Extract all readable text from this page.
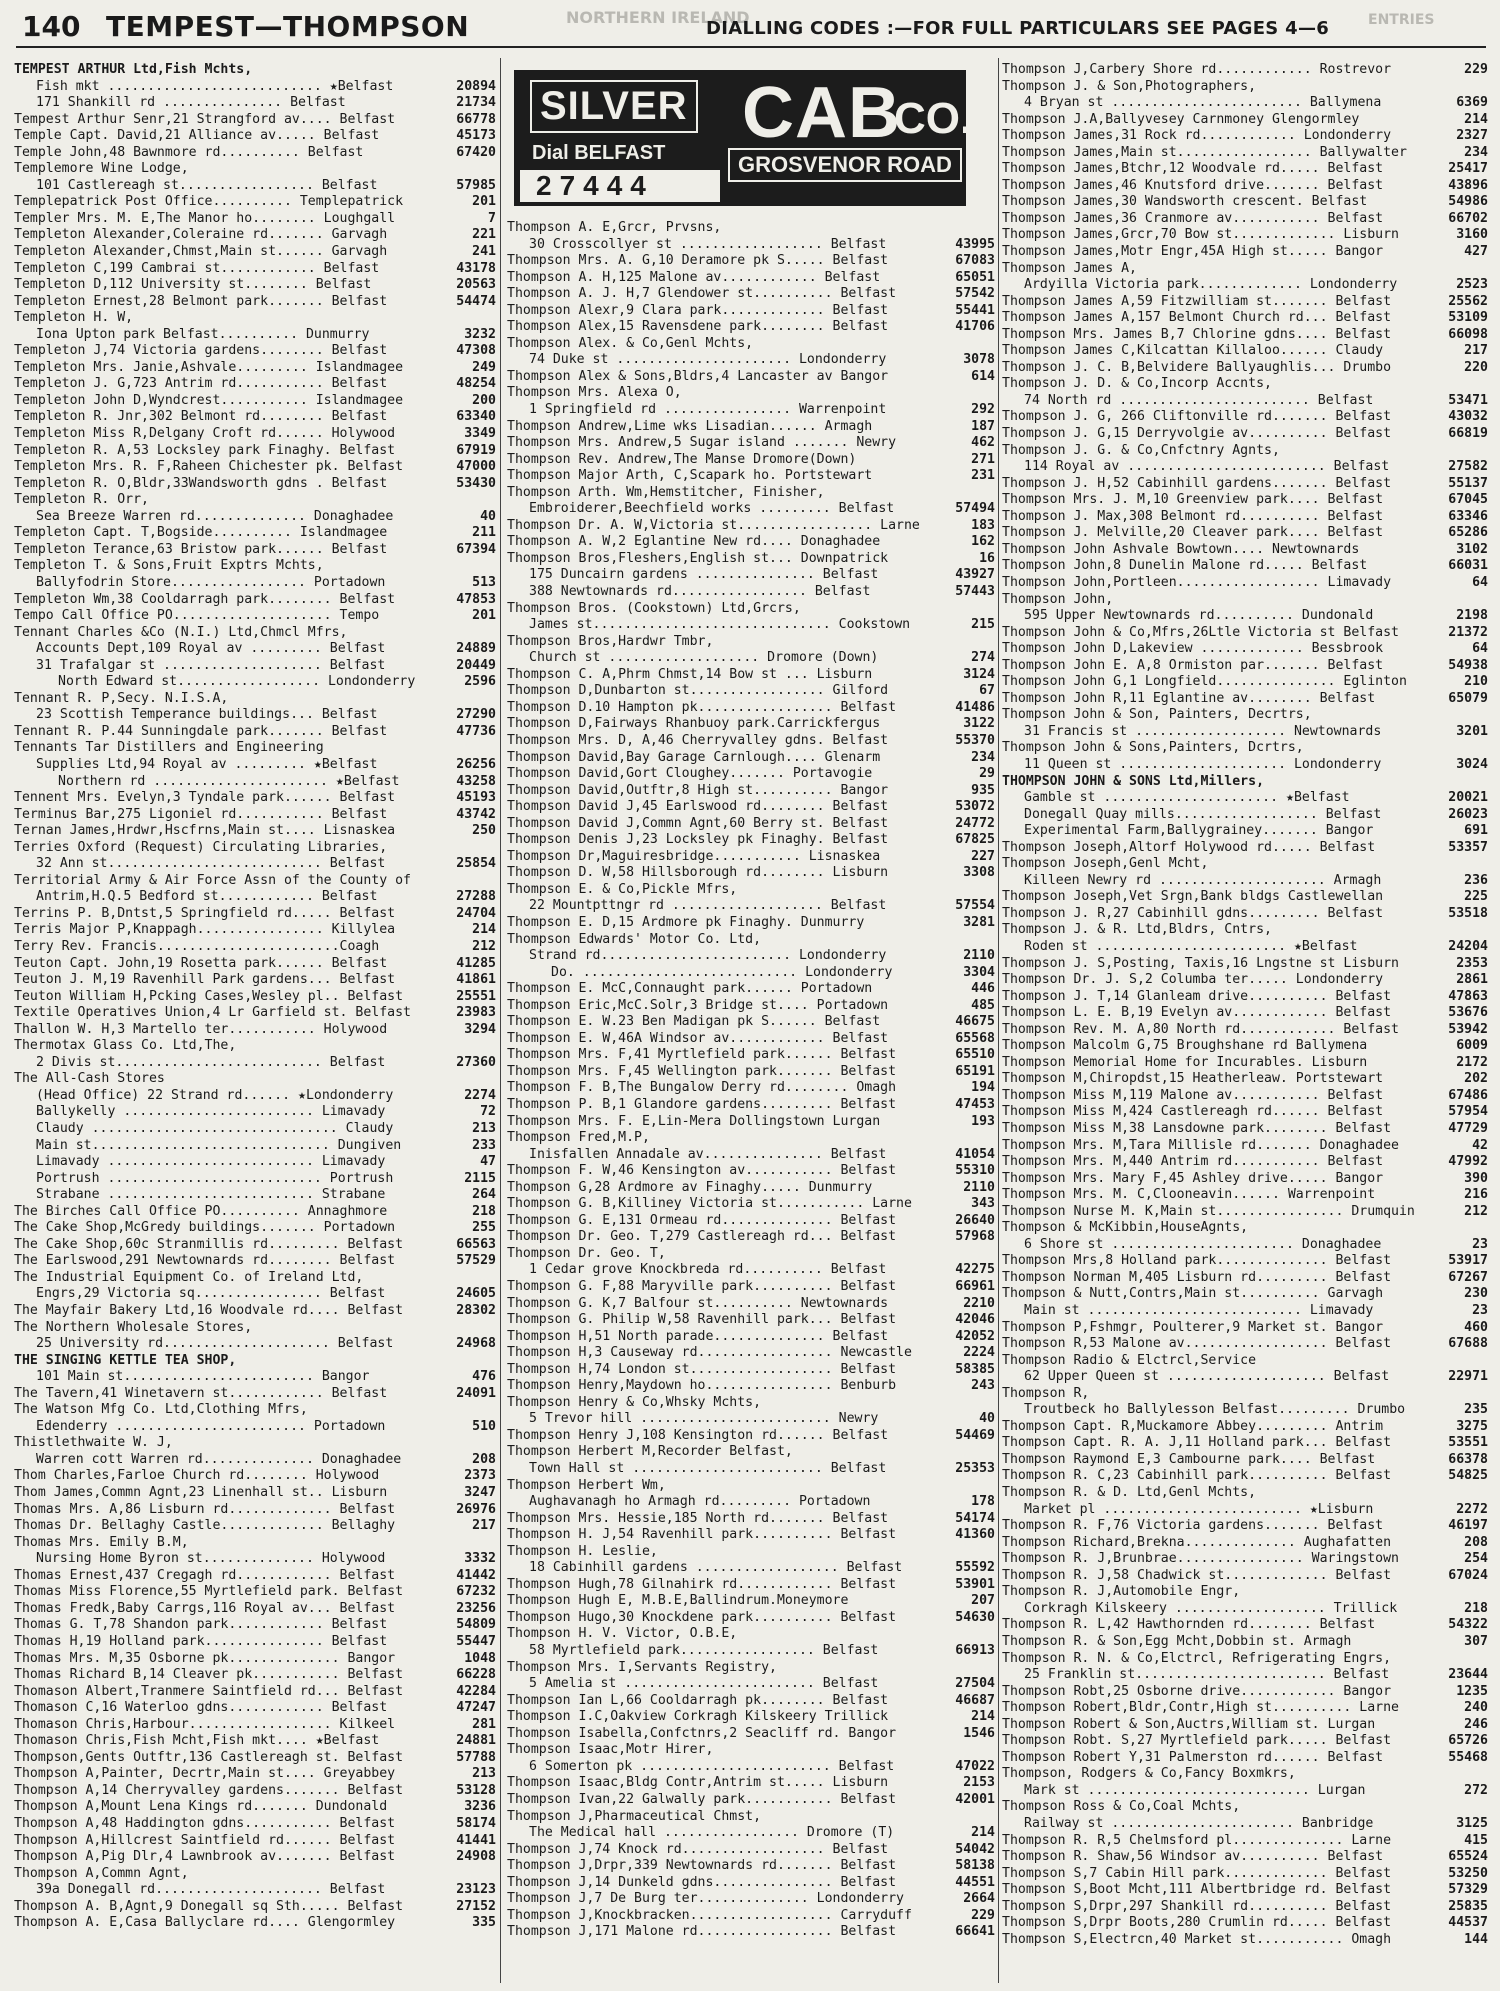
140 TEMPEST—THOMPSON	NORTHERN IRELAND
DIALLING CODES :—FOR FULL PARTICULARS SEE PAGES 4—6	ENTRIES
SILVER CAB
CO.
Dial BELFAST	GROSVENOR ROAD
27444
TEMPEST ARTHUR Ltd,Fish Mchts,
Fish mkt ........................... ★Belfast	20894
171 Shankill rd ............... Belfast	21734
Tempest Arthur Senr,21 Strangford av.... Belfast	66778
Temple Capt. David,21 Alliance av..... Belfast	45173
Temple John,48 Bawnmore rd.......... Belfast	67420
Templemore Wine Lodge,
101 Castlereagh st................. Belfast	57985
Templepatrick Post Office.......... Templepatrick	201
Templer Mrs. M. E,The Manor ho........ Loughgall	7
Templeton Alexander,Coleraine rd....... Garvagh	221
Templeton Alexander,Chmst,Main st...... Garvagh	241
Templeton C,199 Cambrai st............ Belfast	43178
Templeton D,112 University st........ Belfast	20563
Templeton Ernest,28 Belmont park....... Belfast	54474
Templeton H. W,
Iona Upton park Belfast.......... Dunmurry	3232
Templeton J,74 Victoria gardens........ Belfast	47308
Templeton Mrs. Janie,Ashvale......... Islandmagee	249
Templeton J. G,723 Antrim rd........... Belfast	48254
Templeton John D,Wyndcrest........... Islandmagee	200
Templeton R. Jnr,302 Belmont rd........ Belfast	63340
Templeton Miss R,Delgany Croft rd...... Holywood	3349
Templeton R. A,53 Locksley park Finaghy. Belfast	67919
Templeton Mrs. R. F,Raheen Chichester pk. Belfast	47000
Templeton R. O,Bldr,33Wandsworth gdns . Belfast	53430
Templeton R. Orr,
Sea Breeze Warren rd.............. Donaghadee	40
Templeton Capt. T,Bogside.......... Islandmagee	211
Templeton Terance,63 Bristow park...... Belfast	67394
Templeton T. & Sons,Fruit Exptrs Mchts,
Ballyfodrin Store................. Portadown	513
Templeton Wm,38 Cooldarragh park........ Belfast	47853
Tempo Call Office PO.................... Tempo	201
Tennant Charles &Co (N.I.) Ltd,Chmcl Mfrs,
Accounts Dept,109 Royal av ......... Belfast	24889
31 Trafalgar st .................... Belfast	20449
North Edward st.................. Londonderry	2596
Tennant R. P,Secy. N.I.S.A,
23 Scottish Temperance buildings... Belfast	27290
Tennant R. P.44 Sunningdale park....... Belfast	47736
Tennants Tar Distillers and Engineering
Supplies Ltd,94 Royal av ......... ★Belfast	26256
Northern rd ...................... ★Belfast	43258
Tennent Mrs. Evelyn,3 Tyndale park...... Belfast	45193
Terminus Bar,275 Ligoniel rd........... Belfast	43742
Ternan James,Hrdwr,Hscfrns,Main st.... Lisnaskea	250
Terries Oxford (Request) Circulating Libraries,
32 Ann st........................... Belfast	25854
Territorial Army & Air Force Assn of the County of
Antrim,H.Q.5 Bedford st............ Belfast	27288
Terrins P. B,Dntst,5 Springfield rd..... Belfast	24704
Terris Major P,Knappagh................ Killylea	214
Terry Rev. Francis.......................Coagh	212
Teuton Capt. John,19 Rosetta park...... Belfast	41285
Teuton J. M,19 Ravenhill Park gardens... Belfast	41861
Teuton William H,Pcking Cases,Wesley pl.. Belfast	25551
Textile Operatives Union,4 Lr Garfield st. Belfast	23983
Thallon W. H,3 Martello ter........... Holywood	3294
Thermotax Glass Co. Ltd,The,
2 Divis st.......................... Belfast	27360
The All-Cash Stores
(Head Office) 22 Strand rd...... ★Londonderry	2274
Ballykelly ........................ Limavady	72
Claudy ............................... Claudy	213
Main st.............................. Dungiven	233
Limavady .......................... Limavady	47
Portrush ........................... Portrush	2115
Strabane .......................... Strabane	264
The Birches Call Office PO.......... Annaghmore	218
The Cake Shop,McGredy buildings....... Portadown	255
The Cake Shop,60c Stranmillis rd......... Belfast	66563
The Earlswood,291 Newtownards rd........ Belfast	57529
The Industrial Equipment Co. of Ireland Ltd,
Engrs,29 Victoria sq................ Belfast	24605
The Mayfair Bakery Ltd,16 Woodvale rd.... Belfast	28302
The Northern Wholesale Stores,
25 University rd..................... Belfast	24968
THE SINGING KETTLE TEA SHOP,
101 Main st........................ Bangor	476
The Tavern,41 Winetavern st............ Belfast	24091
The Watson Mfg Co. Ltd,Clothing Mfrs,
Edenderry ........................ Portadown	510
Thistlethwaite W. J,
Warren cott Warren rd.............. Donaghadee	208
Thom Charles,Farloe Church rd........ Holywood	2373
Thom James,Commn Agnt,23 Linenhall st.. Lisburn	3247
Thomas Mrs. A,86 Lisburn rd............. Belfast	26976
Thomas Dr. Bellaghy Castle............. Bellaghy	217
Thomas Mrs. Emily B.M,
Nursing Home Byron st.............. Holywood	3332
Thomas Ernest,437 Cregagh rd............ Belfast	41442
Thomas Miss Florence,55 Myrtlefield park. Belfast	67232
Thomas Fredk,Baby Carrgs,116 Royal av... Belfast	23256
Thomas G. T,78 Shandon park............ Belfast	54809
Thomas H,19 Holland park............... Belfast	55447
Thomas Mrs. M,35 Osborne pk.............. Bangor	1048
Thomas Richard B,14 Cleaver pk........... Belfast	66228
Thomason Albert,Tranmere Saintfield rd... Belfast	42284
Thomason C,16 Waterloo gdns............ Belfast	47247
Thomason Chris,Harbour.................. Kilkeel	281
Thomason Chris,Fish Mcht,Fish mkt.... ★Belfast	24881
Thompson,Gents Outftr,136 Castlereagh st. Belfast	57788
Thompson A,Painter, Decrtr,Main st.... Greyabbey	213
Thompson A,14 Cherryvalley gardens....... Belfast	53128
Thompson A,Mount Lena Kings rd....... Dundonald	3236
Thompson A,48 Haddington gdns........... Belfast	58174
Thompson A,Hillcrest Saintfield rd...... Belfast	41441
Thompson A,Pig Dlr,4 Lawnbrook av....... Belfast	24908
Thompson A,Commn Agnt,
39a Donegall rd..................... Belfast	23123
Thompson A. B,Agnt,9 Donegall sq Sth..... Belfast	27152
Thompson A. E,Casa Ballyclare rd.... Glengormley	335
Thompson A. E,Grcr, Prvsns,
30 Crosscollyer st .................. Belfast	43995
Thompson Mrs. A. G,10 Deramore pk S..... Belfast	67083
Thompson A. H,125 Malone av............ Belfast	65051
Thompson A. J. H,7 Glendower st.......... Belfast	57542
Thompson Alexr,9 Clara park............. Belfast	55441
Thompson Alex,15 Ravensdene park........ Belfast	41706
Thompson Alex. & Co,Genl Mchts,
74 Duke st ...................... Londonderry	3078
Thompson Alex & Sons,Bldrs,4 Lancaster av Bangor	614
Thompson Mrs. Alexa O,
1 Springfield rd ................ Warrenpoint	292
Thompson Andrew,Lime wks Lisadian...... Armagh	187
Thompson Mrs. Andrew,5 Sugar island ....... Newry	462
Thompson Rev. Andrew,The Manse Dromore(Down)	271
Thompson Major Arth, C,Scapark ho. Portstewart	231
Thompson Arth. Wm,Hemstitcher, Finisher,
Embroiderer,Beechfield works ......... Belfast	57494
Thompson Dr. A. W,Victoria st................. Larne	183
Thompson A. W,2 Eglantine New rd.... Donaghadee	162
Thompson Bros,Fleshers,English st... Downpatrick	16
175 Duncairn gardens ............... Belfast	43927
388 Newtownards rd................. Belfast	57443
Thompson Bros. (Cookstown) Ltd,Grcrs,
James st.............................. Cookstown	215
Thompson Bros,Hardwr Tmbr,
Church st ................... Dromore (Down)	274
Thompson C. A,Phrm Chmst,14 Bow st ... Lisburn	3124
Thompson D,Dunbarton st................. Gilford	67
Thompson D.10 Hampton pk................. Belfast	41486
Thompson D,Fairways Rhanbuoy park.Carrickfergus	3122
Thompson Mrs. D, A,46 Cherryvalley gdns. Belfast	55370
Thompson David,Bay Garage Carnlough.... Glenarm	234
Thompson David,Gort Cloughey....... Portavogie	29
Thompson David,Outftr,8 High st.......... Bangor	935
Thompson David J,45 Earlswood rd........ Belfast	53072
Thompson David J,Commn Agnt,60 Berry st. Belfast	24772
Thompson Denis J,23 Locksley pk Finaghy. Belfast	67825
Thompson Dr,Maguiresbridge........... Lisnaskea	227
Thompson D. W,58 Hillsborough rd........ Lisburn	3308
Thompson E. & Co,Pickle Mfrs,
22 Mountpttngr rd ................... Belfast	57554
Thompson E. D,15 Ardmore pk Finaghy. Dunmurry	3281
Thompson Edwards' Motor Co. Ltd,
Strand rd........................ Londonderry	2110
Do. ........................... Londonderry	3304
Thompson E. McC,Connaught park...... Portadown	446
Thompson Eric,McC.Solr,3 Bridge st.... Portadown	485
Thompson E. W.23 Ben Madigan pk S...... Belfast	46675
Thompson E. W,46A Windsor av............ Belfast	65568
Thompson Mrs. F,41 Myrtlefield park...... Belfast	65510
Thompson Mrs. F,45 Wellington park....... Belfast	65191
Thompson F. B,The Bungalow Derry rd........ Omagh	194
Thompson P. B,1 Glandore gardens......... Belfast	47453
Thompson Mrs. F. E,Lin-Mera Dollingstown Lurgan	193
Thompson Fred,M.P,
Inisfallen Annadale av............... Belfast	41054
Thompson F. W,46 Kensington av........... Belfast	55310
Thompson G,28 Ardmore av Finaghy..... Dunmurry	2110
Thompson G. B,Killiney Victoria st........... Larne	343
Thompson G. E,131 Ormeau rd.............. Belfast	26640
Thompson Dr. Geo. T,279 Castlereagh rd... Belfast	57968
Thompson Dr. Geo. T,
1 Cedar grove Knockbreda rd.......... Belfast	42275
Thompson G. F,88 Maryville park.......... Belfast	66961
Thompson G. K,7 Balfour st.......... Newtownards	2210
Thompson G. Philip W,58 Ravenhill park... Belfast	42046
Thompson H,51 North parade.............. Belfast	42052
Thompson H,3 Causeway rd................. Newcastle	2224
Thompson H,74 London st.................. Belfast	58385
Thompson Henry,Maydown ho................ Benburb	243
Thompson Henry & Co,Whsky Mchts,
5 Trevor hill ........................ Newry	40
Thompson Henry J,108 Kensington rd...... Belfast	54469
Thompson Herbert M,Recorder Belfast,
Town Hall st ........................ Belfast	25353
Thompson Herbert Wm,
Aughavanagh ho Armagh rd......... Portadown	178
Thompson Mrs. Hessie,185 North rd....... Belfast	54174
Thompson H. J,54 Ravenhill park.......... Belfast	41360
Thompson H. Leslie,
18 Cabinhill gardens .................. Belfast	55592
Thompson Hugh,78 Gilnahirk rd............ Belfast	53901
Thompson Hugh E, M.B.E,Ballindrum.Moneymore	207
Thompson Hugo,30 Knockdene park.......... Belfast	54630
Thompson H. V. Victor, O.B.E,
58 Myrtlefield park................. Belfast	66913
Thompson Mrs. I,Servants Registry,
5 Amelia st ........................ Belfast	27504
Thompson Ian L,66 Cooldarragh pk........ Belfast	46687
Thompson I.C,Oakview Corkragh Kilskeery Trillick	214
Thompson Isabella,Confctnrs,2 Seacliff rd. Bangor	1546
Thompson Isaac,Motr Hirer,
6 Somerton pk ........................ Belfast	47022
Thompson Isaac,Bldg Contr,Antrim st..... Lisburn	2153
Thompson Ivan,22 Galwally park........... Belfast	42001
Thompson J,Pharmaceutical Chmst,
The Medical hall ................. Dromore (T)	214
Thompson J,74 Knock rd.................. Belfast	54042
Thompson J,Drpr,339 Newtownards rd....... Belfast	58138
Thompson J,14 Dunkeld gdns............... Belfast	44551
Thompson J,7 De Burg ter.............. Londonderry	2664
Thompson J,Knockbracken.................. Carryduff	229
Thompson J,171 Malone rd................. Belfast	66641
Thompson J,Carbery Shore rd............ Rostrevor	229
Thompson J. & Son,Photographers,
4 Bryan st ........................ Ballymena	6369
Thompson J.A,Ballyvesey Carnmoney Glengormley	214
Thompson James,31 Rock rd............ Londonderry	2327
Thompson James,Main st................. Ballywalter	234
Thompson James,Btchr,12 Woodvale rd..... Belfast	25417
Thompson James,46 Knutsford drive....... Belfast	43896
Thompson James,30 Wandsworth crescent. Belfast	54986
Thompson James,36 Cranmore av........... Belfast	66702
Thompson James,Grcr,70 Bow st............. Lisburn	3160
Thompson James,Motr Engr,45A High st..... Bangor	427
Thompson James A,
Ardyilla Victoria park............. Londonderry	2523
Thompson James A,59 Fitzwilliam st....... Belfast	25562
Thompson James A,157 Belmont Church rd... Belfast	53109
Thompson Mrs. James B,7 Chlorine gdns.... Belfast	66098
Thompson James C,Kilcattan Killaloo...... Claudy	217
Thompson J. C. B,Belvidere Ballyaughlis... Drumbo	220
Thompson J. D. & Co,Incorp Accnts,
74 North rd ........................ Belfast	53471
Thompson J. G, 266 Cliftonville rd....... Belfast	43032
Thompson J. G,15 Derryvolgie av.......... Belfast	66819
Thompson J. G. & Co,Cnfctnry Agnts,
114 Royal av ......................... Belfast	27582
Thompson J. H,52 Cabinhill gardens....... Belfast	55137
Thompson Mrs. J. M,10 Greenview park.... Belfast	67045
Thompson J. Max,308 Belmont rd.......... Belfast	63346
Thompson J. Melville,20 Cleaver park.... Belfast	65286
Thompson John Ashvale Bowtown.... Newtownards	3102
Thompson John,8 Dunelin Malone rd..... Belfast	66031
Thompson John,Portleen.................. Limavady	64
Thompson John,
595 Upper Newtownards rd.......... Dundonald	2198
Thompson John & Co,Mfrs,26Ltle Victoria st Belfast	21372
Thompson John D,Lakeview ............. Bessbrook	64
Thompson John E. A,8 Ormiston par....... Belfast	54938
Thompson John G,1 Longfield............... Eglinton	210
Thompson John R,11 Eglantine av........ Belfast	65079
Thompson John & Son, Painters, Decrtrs,
31 Francis st ................... Newtownards	3201
Thompson John & Sons,Painters, Dcrtrs,
11 Queen st ..................... Londonderry	3024
THOMPSON JOHN & SONS Ltd,Millers,
Gamble st ...................... ★Belfast	20021
Donegall Quay mills.................. Belfast	26023
Experimental Farm,Ballygrainey....... Bangor	691
Thompson Joseph,Altorf Holywood rd..... Belfast	53357
Thompson Joseph,Genl Mcht,
Killeen Newry rd ..................... Armagh	236
Thompson Joseph,Vet Srgn,Bank bldgs Castlewellan	225
Thompson J. R,27 Cabinhill gdns......... Belfast	53518
Thompson J. & R. Ltd,Bldrs, Cntrs,
Roden st ........................ ★Belfast	24204
Thompson J. S,Posting, Taxis,16 Lngstne st Lisburn	2353
Thompson Dr. J. S,2 Columba ter..... Londonderry	2861
Thompson J. T,14 Glanleam drive.......... Belfast	47863
Thompson L. E. B,19 Evelyn av............ Belfast	53676
Thompson Rev. M. A,80 North rd............ Belfast	53942
Thompson Malcolm G,75 Broughshane rd Ballymena	6009
Thompson Memorial Home for Incurables. Lisburn	2172
Thompson M,Chiropdst,15 Heatherleaw. Portstewart	202
Thompson Miss M,119 Malone av........... Belfast	67486
Thompson Miss M,424 Castlereagh rd...... Belfast	57954
Thompson Miss M,38 Lansdowne park........ Belfast	47729
Thompson Mrs. M,Tara Millisle rd....... Donaghadee	42
Thompson Mrs. M,440 Antrim rd........... Belfast	47992
Thompson Mrs. Mary F,45 Ashley drive..... Bangor	390
Thompson Mrs. M. C,Clooneavin...... Warrenpoint	216
Thompson Nurse M. K,Main st................ Drumquin	212
Thompson & McKibbin,HouseAgnts,
6 Shore st ....................... Donaghadee	23
Thompson Mrs,8 Holland park.............. Belfast	53917
Thompson Norman M,405 Lisburn rd......... Belfast	67267
Thompson & Nutt,Contrs,Main st.......... Garvagh	230
Main st ........................... Limavady	23
Thompson P,Fshmgr, Poulterer,9 Market st. Bangor	460
Thompson R,53 Malone av.................. Belfast	67688
Thompson Radio & Elctrcl,Service
62 Upper Queen st .................... Belfast	22971
Thompson R,
Troutbeck ho Ballylesson Belfast......... Drumbo	235
Thompson Capt. R,Muckamore Abbey......... Antrim	3275
Thompson Capt. R. A. J,11 Holland park... Belfast	53551
Thompson Raymond E,3 Cambourne park.... Belfast	66378
Thompson R. C,23 Cabinhill park.......... Belfast	54825
Thompson R. & D. Ltd,Genl Mchts,
Market pl ......................... ★Lisburn	2272
Thompson R. F,76 Victoria gardens....... Belfast	46197
Thompson Richard,Brekna.............. Aughafatten	208
Thompson R. J,Brunbrae................ Waringstown	254
Thompson R. J,58 Chadwick st............. Belfast	67024
Thompson R. J,Automobile Engr,
Corkragh Kilskeery ................... Trillick	218
Thompson R. L,42 Hawthornden rd........ Belfast	54322
Thompson R. & Son,Egg Mcht,Dobbin st. Armagh	307
Thompson R. N. & Co,Elctrcl, Refrigerating Engrs,
25 Franklin st........................ Belfast	23644
Thompson Robt,25 Osborne drive............ Bangor	1235
Thompson Robert,Bldr,Contr,High st.......... Larne	240
Thompson Robert & Son,Auctrs,William st. Lurgan	246
Thompson Robt. S,27 Myrtlefield park..... Belfast	65726
Thompson Robert Y,31 Palmerston rd...... Belfast	55468
Thompson, Rodgers & Co,Fancy Boxmkrs,
Mark st ............................ Lurgan	272
Thompson Ross & Co,Coal Mchts,
Railway st ....................... Banbridge	3125
Thompson R. R,5 Chelmsford pl.............. Larne	415
Thompson R. Shaw,56 Windsor av.......... Belfast	65524
Thompson S,7 Cabin Hill park............. Belfast	53250
Thompson S,Boot Mcht,111 Albertbridge rd. Belfast	57329
Thompson S,Drpr,297 Shankill rd.......... Belfast	25835
Thompson S,Drpr Boots,280 Crumlin rd..... Belfast	44537
Thompson S,Electrcn,40 Market st........... Omagh	144
